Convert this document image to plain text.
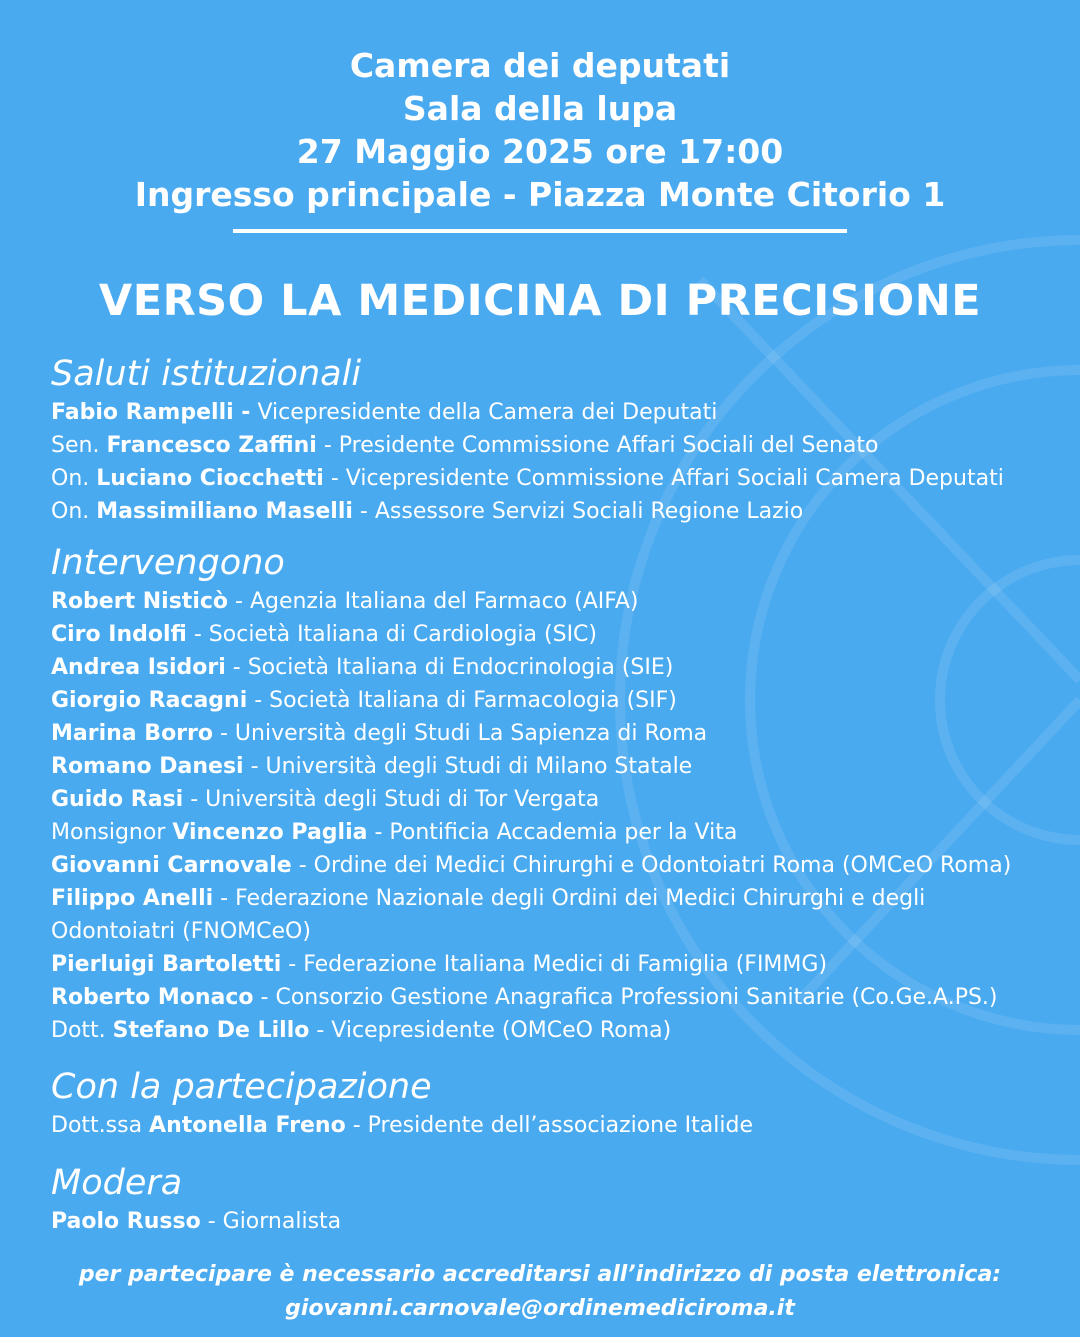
Camera dei deputati
Sala della lupa
27 Maggio 2025 ore 17:00
Ingresso principale - Piazza Monte Citorio 1
VERSO LA MEDICINA DI PRECISIONE
Saluti istituzionali
Fabio Rampelli - Vicepresidente della Camera dei Deputati
Sen. Francesco Zaffini - Presidente Commissione Affari Sociali del Senato
On. Luciano Ciocchetti - Vicepresidente Commissione Affari Sociali Camera Deputati
On. Massimiliano Maselli - Assessore Servizi Sociali Regione Lazio
Intervengono
Robert Nisticò - Agenzia Italiana del Farmaco (AIFA)
Ciro Indolfi - Società Italiana di Cardiologia (SIC)
Andrea Isidori - Società Italiana di Endocrinologia (SIE)
Giorgio Racagni - Società Italiana di Farmacologia (SIF)
Marina Borro - Università degli Studi La Sapienza di Roma
Romano Danesi - Università degli Studi di Milano Statale
Guido Rasi - Università degli Studi di Tor Vergata
Monsignor Vincenzo Paglia - Pontificia Accademia per la Vita
Giovanni Carnovale - Ordine dei Medici Chirurghi e Odontoiatri Roma (OMCeO Roma)
Filippo Anelli - Federazione Nazionale degli Ordini dei Medici Chirurghi e degli Odontoiatri (FNOMCeO)
Pierluigi Bartoletti - Federazione Italiana Medici di Famiglia (FIMMG)
Roberto Monaco - Consorzio Gestione Anagrafica Professioni Sanitarie (Co.Ge.A.PS.)
Dott. Stefano De Lillo - Vicepresidente (OMCeO Roma)
Con la partecipazione
Dott.ssa Antonella Freno - Presidente dell’associazione Italide
Modera
Paolo Russo - Giornalista
per partecipare è necessario accreditarsi all’indirizzo di posta elettronica:
giovanni.carnovale@ordinemediciroma.it
